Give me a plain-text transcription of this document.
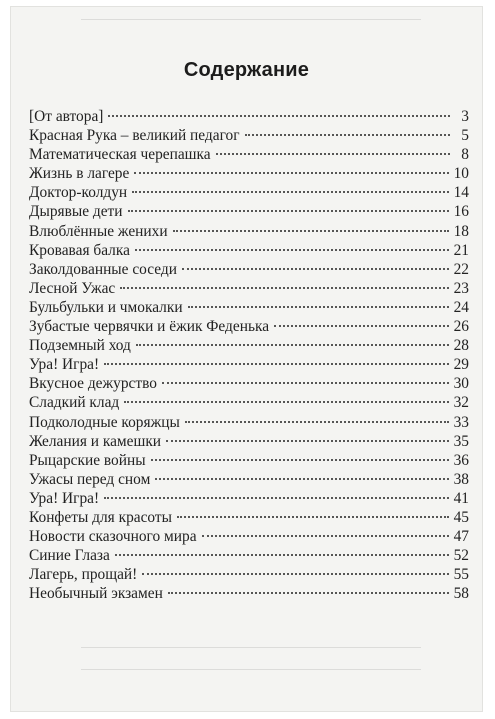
Содержание
[От автора]	3
Красная Рука – великий педагог	5
Математическая черепашка	8
Жизнь в лагере	10
Доктор-колдун	14
Дырявые дети	16
Влюблённые женихи	18
Кровавая балка	21
Заколдованные соседи	22
Лесной Ужас	23
Бульбульки и чмокалки	24
Зубастые червячки и ёжик Феденька	26
Подземный ход	28
Ура! Игра!	29
Вкусное дежурство	30
Сладкий клад	32
Подколодные коряжцы	33
Желания и камешки	35
Рыцарские войны	36
Ужасы перед сном	38
Ура! Игра!	41
Конфеты для красоты	45
Новости сказочного мира	47
Синие Глаза	52
Лагерь, прощай!	55
Необычный экзамен	58
